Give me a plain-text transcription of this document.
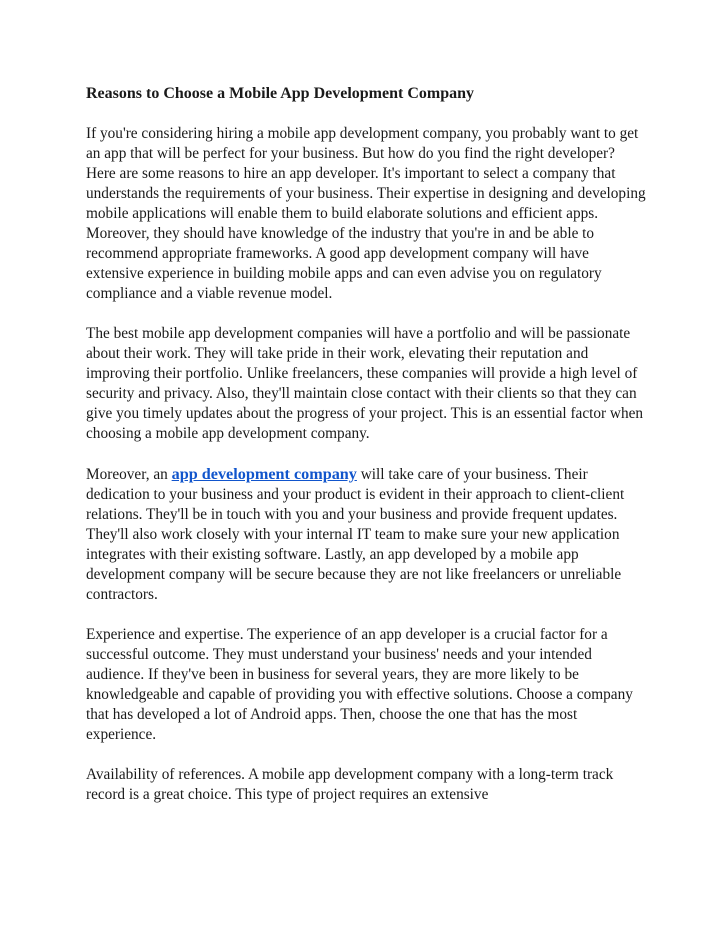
Reasons to Choose a Mobile App Development Company

If you're considering hiring a mobile app development company, you probably want to get an app that will be perfect for your business. But how do you find the right developer? Here are some reasons to hire an app developer. It's important to select a company that understands the requirements of your business. Their expertise in designing and developing mobile applications will enable them to build elaborate solutions and efficient apps. Moreover, they should have knowledge of the industry that you're in and be able to recommend appropriate frameworks. A good app development company will have extensive experience in building mobile apps and can even advise you on regulatory compliance and a viable revenue model.

The best mobile app development companies will have a portfolio and will be passionate about their work. They will take pride in their work, elevating their reputation and improving their portfolio. Unlike freelancers, these companies will provide a high level of security and privacy. Also, they'll maintain close contact with their clients so that they can give you timely updates about the progress of your project. This is an essential factor when choosing a mobile app development company.

Moreover, an app development company will take care of your business. Their dedication to your business and your product is evident in their approach to client-client relations. They'll be in touch with you and your business and provide frequent updates. They'll also work closely with your internal IT team to make sure your new application integrates with their existing software. Lastly, an app developed by a mobile app development company will be secure because they are not like freelancers or unreliable contractors.

Experience and expertise. The experience of an app developer is a crucial factor for a successful outcome. They must understand your business' needs and your intended audience. If they've been in business for several years, they are more likely to be knowledgeable and capable of providing you with effective solutions. Choose a company that has developed a lot of Android apps. Then, choose the one that has the most experience.

Availability of references. A mobile app development company with a long-term track record is a great choice. This type of project requires an extensive
